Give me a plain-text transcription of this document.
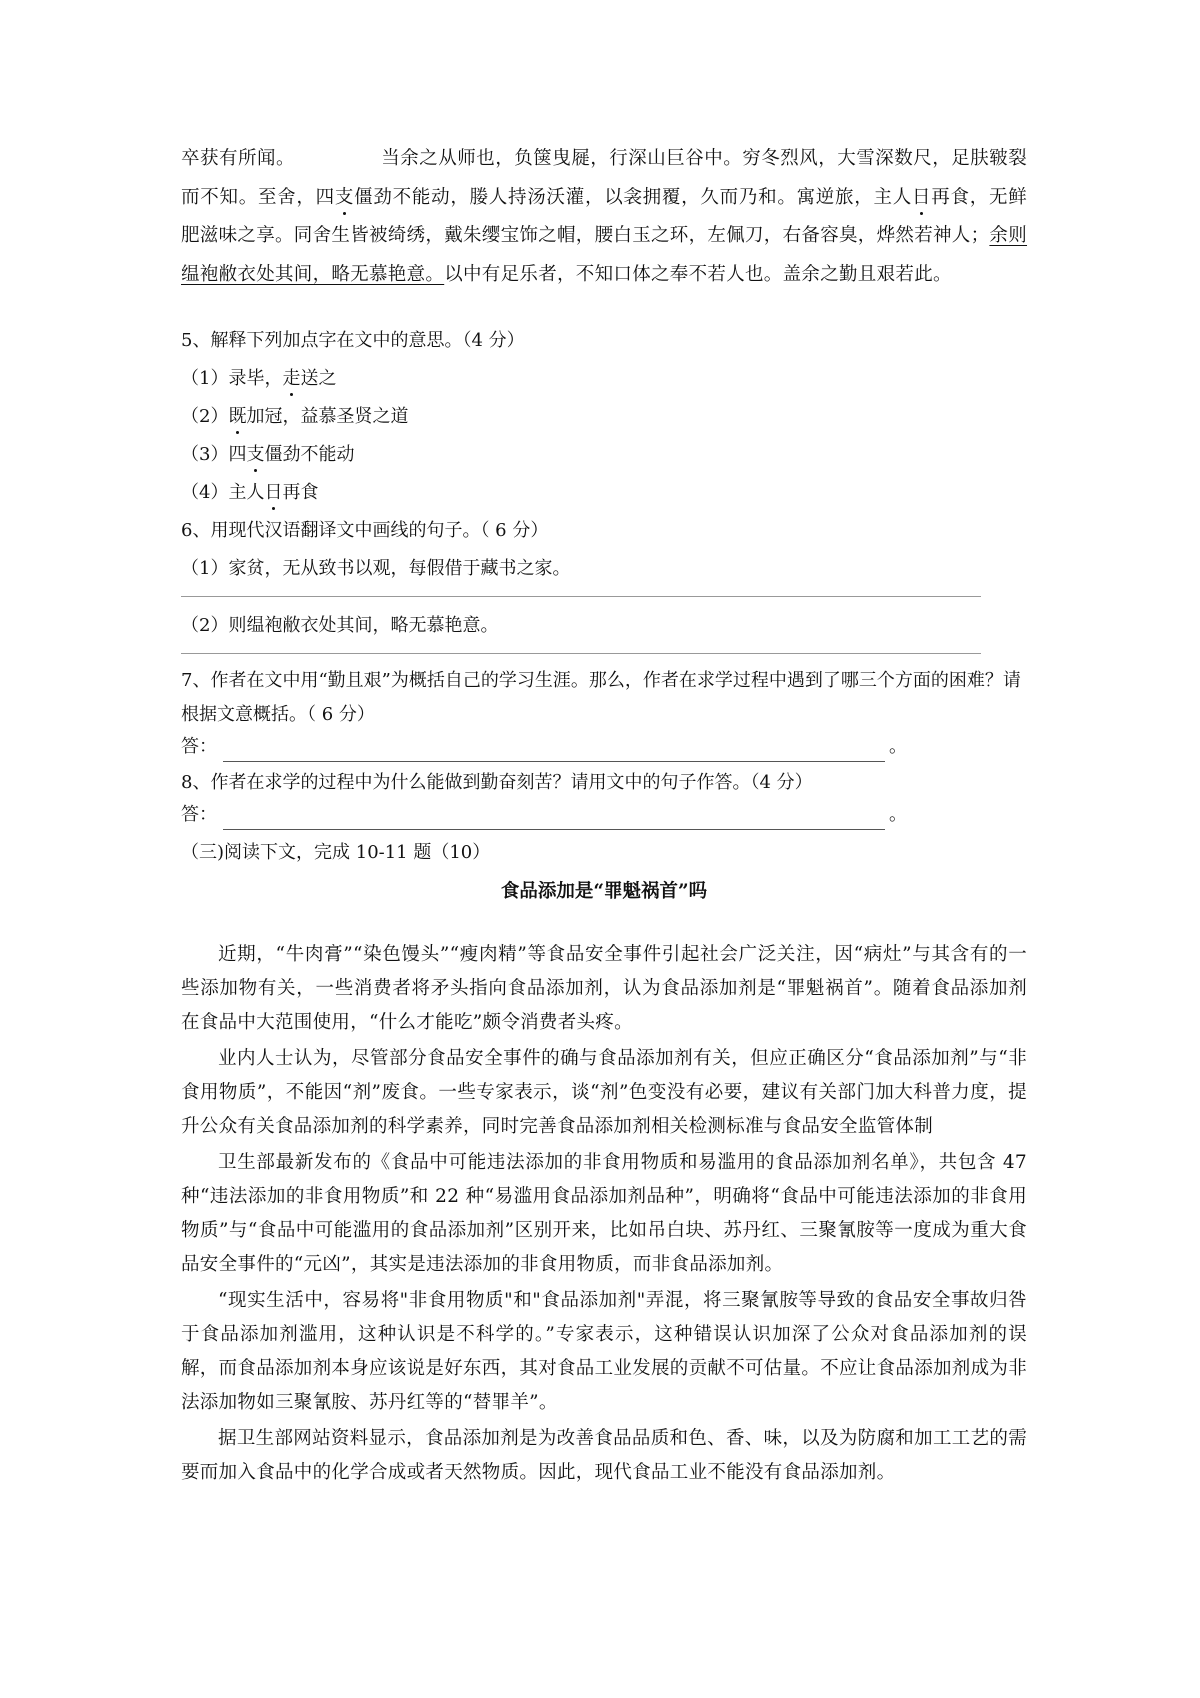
卒获有所闻。	当余之从师也，负箧曳屣，行深山巨谷中。穷冬烈风，大雪深数尺，足肤皲裂而不知。至舍，四支僵劲不能动，媵人持汤沃灌，以衾拥覆，久而乃和。寓逆旅，主人日再食，无鲜肥滋味之享。同舍生皆被绮绣，戴朱缨宝饰之帽，腰白玉之环，左佩刀，右备容臭，烨然若神人；余则缊袍敝衣处其间，略无慕艳意。以中有足乐者，不知口体之奉不若人也。盖余之勤且艰若此。

5、解释下列加点字在文中的意思。（4 分）

（1）录毕，走送之

（2）既加冠，益慕圣贤之道

（3）四支僵劲不能动

（4）主人日再食

6、用现代汉语翻译文中画线的句子。（ 6 分）

（1）家贫，无从致书以观，每假借于藏书之家。

（2）则缊袍敝衣处其间，略无慕艳意。

7、作者在文中用“勤且艰”为概括自己的学习生涯。那么，作者在求学过程中遇到了哪三个方面的困难？请根据文意概括。（ 6 分）

答：	。

8、作者在求学的过程中为什么能做到勤奋刻苦？请用文中的句子作答。（4 分）

答：	。

（三)阅读下文，完成 10-11 题（10）

食品添加是“罪魁祸首”吗

近期，“牛肉膏”“染色馒头”“瘦肉精”等食品安全事件引起社会广泛关注，因“病灶”与其含有的一些添加物有关，一些消费者将矛头指向食品添加剂，认为食品添加剂是“罪魁祸首”。随着食品添加剂在食品中大范围使用，“什么才能吃”颇令消费者头疼。

业内人士认为，尽管部分食品安全事件的确与食品添加剂有关，但应正确区分“食品添加剂”与“非食用物质”，不能因“剂”废食。一些专家表示，谈“剂”色变没有必要，建议有关部门加大科普力度，提升公众有关食品添加剂的科学素养，同时完善食品添加剂相关检测标准与食品安全监管体制

卫生部最新发布的《食品中可能违法添加的非食用物质和易滥用的食品添加剂名单》，共包含 47 种“违法添加的非食用物质”和 22 种“易滥用食品添加剂品种”，明确将“食品中可能违法添加的非食用物质”与“食品中可能滥用的食品添加剂”区别开来，比如吊白块、苏丹红、三聚氰胺等一度成为重大食品安全事件的“元凶”，其实是违法添加的非食用物质，而非食品添加剂。

“现实生活中，容易将"非食用物质"和"食品添加剂"弄混，将三聚氰胺等导致的食品安全事故归咎于食品添加剂滥用，这种认识是不科学的。”专家表示，这种错误认识加深了公众对食品添加剂的误解，而食品添加剂本身应该说是好东西，其对食品工业发展的贡献不可估量。不应让食品添加剂成为非法添加物如三聚氰胺、苏丹红等的“替罪羊”。

据卫生部网站资料显示，食品添加剂是为改善食品品质和色、香、味，以及为防腐和加工工艺的需要而加入食品中的化学合成或者天然物质。因此，现代食品工业不能没有食品添加剂。
